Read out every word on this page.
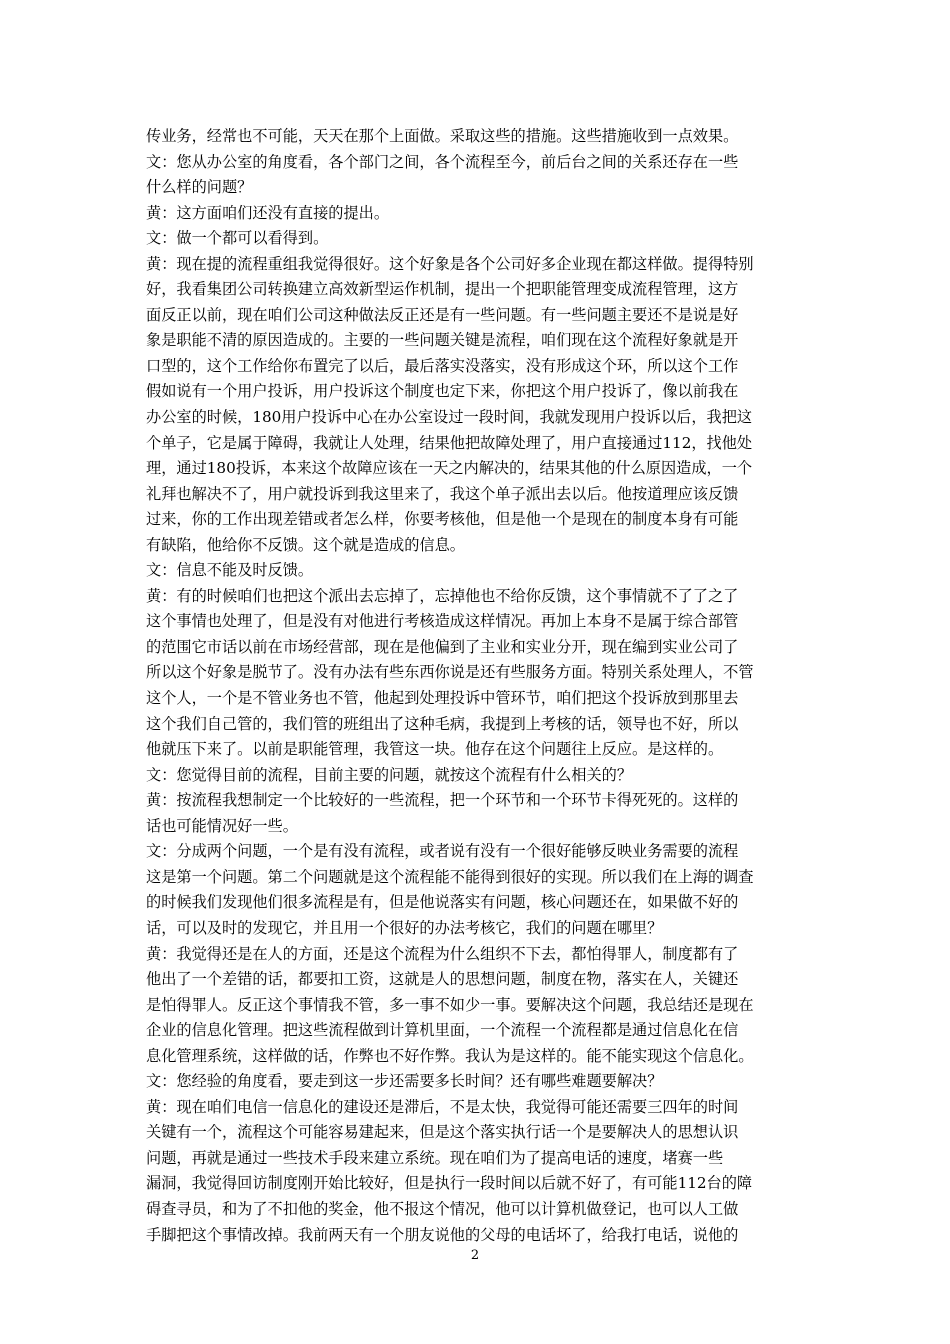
传业务，经常也不可能，天天在那个上面做。采取这些的措施。这些措施收到一点效果。
文：您从办公室的角度看，各个部门之间，各个流程至今，前后台之间的关系还存在一些
什么样的问题？
黄：这方面咱们还没有直接的提出。
文：做一个都可以看得到。
黄：现在提的流程重组我觉得很好。这个好象是各个公司好多企业现在都这样做。提得特别
好，我看集团公司转换建立高效新型运作机制，提出一个把职能管理变成流程管理，这方
面反正以前，现在咱们公司这种做法反正还是有一些问题。有一些问题主要还不是说是好
象是职能不清的原因造成的。主要的一些问题关键是流程，咱们现在这个流程好象就是开
口型的，这个工作给你布置完了以后，最后落实没落实，没有形成这个环，所以这个工作
假如说有一个用户投诉，用户投诉这个制度也定下来，你把这个用户投诉了，像以前我在
办公室的时候，180用户投诉中心在办公室设过一段时间，我就发现用户投诉以后，我把这
个单子，它是属于障碍，我就让人处理，结果他把故障处理了，用户直接通过112，找他处
理，通过180投诉，本来这个故障应该在一天之内解决的，结果其他的什么原因造成，一个
礼拜也解决不了，用户就投诉到我这里来了，我这个单子派出去以后。他按道理应该反馈
过来，你的工作出现差错或者怎么样，你要考核他，但是他一个是现在的制度本身有可能
有缺陷，他给你不反馈。这个就是造成的信息。
文：信息不能及时反馈。
黄：有的时候咱们也把这个派出去忘掉了，忘掉他也不给你反馈，这个事情就不了了之了
这个事情也处理了，但是没有对他进行考核造成这样情况。再加上本身不是属于综合部管
的范围它市话以前在市场经营部，现在是他偏到了主业和实业分开，现在编到实业公司了
所以这个好象是脱节了。没有办法有些东西你说是还有些服务方面。特别关系处理人，不管
这个人，一个是不管业务也不管，他起到处理投诉中管环节，咱们把这个投诉放到那里去
这个我们自己管的，我们管的班组出了这种毛病，我提到上考核的话，领导也不好，所以
他就压下来了。以前是职能管理，我管这一块。他存在这个问题往上反应。是这样的。
文：您觉得目前的流程，目前主要的问题，就按这个流程有什么相关的？
黄：按流程我想制定一个比较好的一些流程，把一个环节和一个环节卡得死死的。这样的
话也可能情况好一些。
文：分成两个问题，一个是有没有流程，或者说有没有一个很好能够反映业务需要的流程
这是第一个问题。第二个问题就是这个流程能不能得到很好的实现。所以我们在上海的调查
的时候我们发现他们很多流程是有，但是他说落实有问题，核心问题还在，如果做不好的
话，可以及时的发现它，并且用一个很好的办法考核它，我们的问题在哪里？
黄：我觉得还是在人的方面，还是这个流程为什么组织不下去，都怕得罪人，制度都有了
他出了一个差错的话，都要扣工资，这就是人的思想问题，制度在物，落实在人，关键还
是怕得罪人。反正这个事情我不管，多一事不如少一事。要解决这个问题，我总结还是现在
企业的信息化管理。把这些流程做到计算机里面，一个流程一个流程都是通过信息化在信
息化管理系统，这样做的话，作弊也不好作弊。我认为是这样的。能不能实现这个信息化。
文：您经验的角度看，要走到这一步还需要多长时间？还有哪些难题要解决？
黄：现在咱们电信一信息化的建设还是滞后，不是太快，我觉得可能还需要三四年的时间
关键有一个，流程这个可能容易建起来，但是这个落实执行话一个是要解决人的思想认识
问题，再就是通过一些技术手段来建立系统。现在咱们为了提高电话的速度，堵赛一些
漏洞，我觉得回访制度刚开始比较好，但是执行一段时间以后就不好了，有可能112台的障
碍查寻员，和为了不扣他的奖金，他不报这个情况，他可以计算机做登记，也可以人工做
手脚把这个事情改掉。我前两天有一个朋友说他的父母的电话坏了，给我打电话，说他的
2
